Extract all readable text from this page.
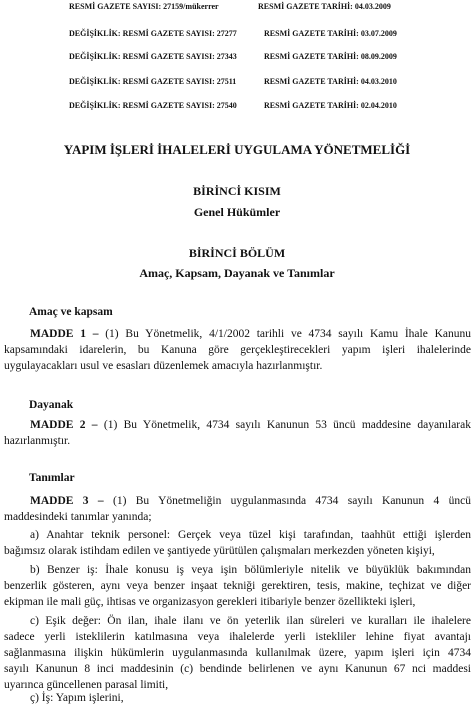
RESMİ GAZETE SAYISI: 27159/mükerrer	RESMİ GAZETE TARİHİ: 04.03.2009
DEĞİŞİKLİK: RESMİ GAZETE SAYISI: 27277	RESMİ GAZETE TARİHİ: 03.07.2009
DEĞİŞİKLİK: RESMİ GAZETE SAYISI: 27343	RESMİ GAZETE TARİHİ: 08.09.2009
DEĞİŞİKLİK: RESMİ GAZETE SAYISI: 27511	RESMİ GAZETE TARİHİ: 04.03.2010
DEĞİŞİKLİK: RESMİ GAZETE SAYISI: 27540	RESMİ GAZETE TARİHİ: 02.04.2010
YAPIM İŞLERİ İHALELERİ UYGULAMA YÖNETMELİĞİ
BİRİNCİ KISIM
Genel Hükümler
BİRİNCİ BÖLÜM
Amaç, Kapsam, Dayanak ve Tanımlar
Amaç ve kapsam
MADDE 1 – (1) Bu Yönetmelik, 4/1/2002 tarihli ve 4734 sayılı Kamu İhale Kanunu
kapsamındaki idarelerin, bu Kanuna göre gerçekleştirecekleri yapım işleri ihalelerinde
uygulayacakları usul ve esasları düzenlemek amacıyla hazırlanmıştır.
Dayanak
MADDE 2 – (1) Bu Yönetmelik, 4734 sayılı Kanunun 53 üncü maddesine dayanılarak
hazırlanmıştır.
Tanımlar
MADDE 3 – (1) Bu Yönetmeliğin uygulanmasında 4734 sayılı Kanunun 4 üncü
maddesindeki tanımlar yanında;
a) Anahtar teknik personel: Gerçek veya tüzel kişi tarafından, taahhüt ettiği işlerden
bağımsız olarak istihdam edilen ve şantiyede yürütülen çalışmaları merkezden yöneten kişiyi,
b) Benzer iş: İhale konusu iş veya işin bölümleriyle nitelik ve büyüklük bakımından
benzerlik gösteren, aynı veya benzer inşaat tekniği gerektiren, tesis, makine, teçhizat ve diğer
ekipman ile mali güç, ihtisas ve organizasyon gerekleri itibariyle benzer özellikteki işleri,
c) Eşik değer: Ön ilan, ihale ilanı ve ön yeterlik ilan süreleri ve kuralları ile ihalelere
sadece yerli isteklilerin katılmasına veya ihalelerde yerli istekliler lehine fiyat avantajı
sağlanmasına ilişkin hükümlerin uygulanmasında kullanılmak üzere, yapım işleri için 4734
sayılı Kanunun 8 inci maddesinin (c) bendinde belirlenen ve aynı Kanunun 67 nci maddesi
uyarınca güncellenen parasal limiti,
ç) İş: Yapım işlerini,
